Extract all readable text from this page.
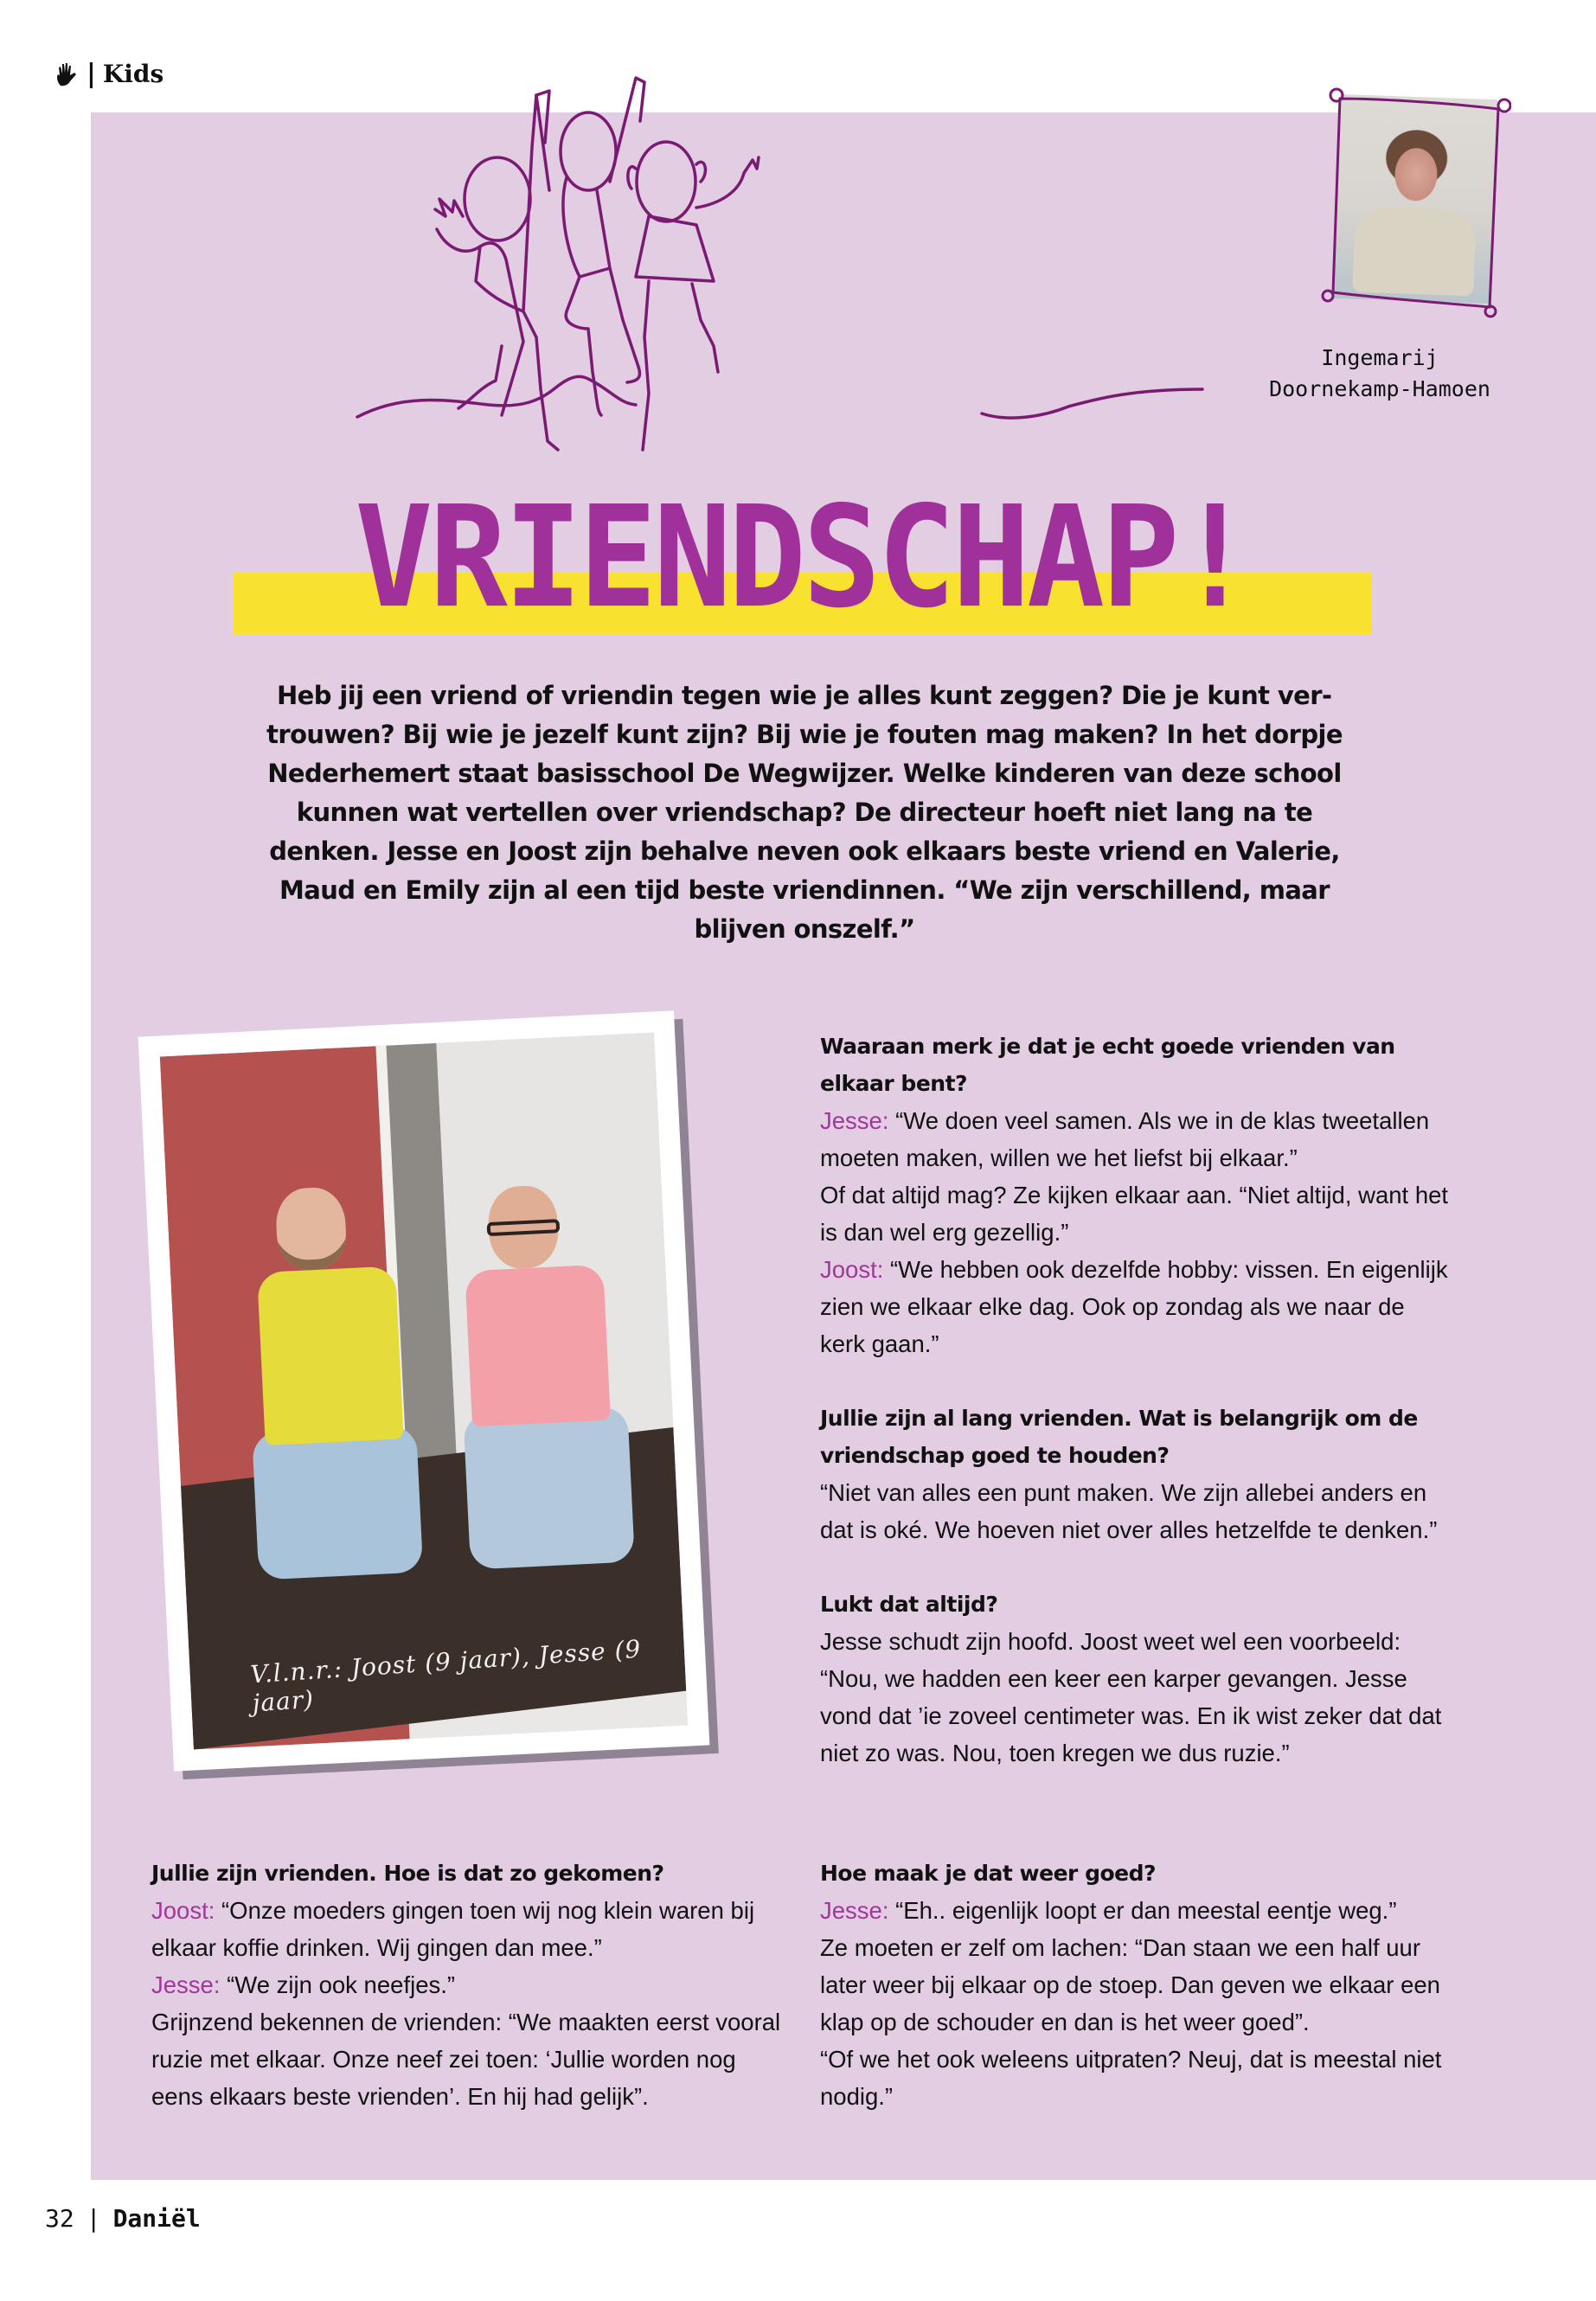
| Kids
Ingemarij
Doornekamp-Hamoen
VRIENDSCHAP!

Heb jij een vriend of vriendin tegen wie je alles kunt zeggen? Die je kunt vertrouwen? Bij wie je jezelf kunt zijn? Bij wie je fouten mag maken? In het dorpje Nederhemert staat basisschool De Wegwijzer. Welke kinderen van deze school kunnen wat vertellen over vriendschap? De directeur hoeft niet lang na te denken. Jesse en Joost zijn behalve neven ook elkaars beste vriend en Valerie, Maud en Emily zijn al een tijd beste vriendinnen. “We zijn verschillend, maar blijven onszelf.”

V.l.n.r.: Joost (9 jaar), Jesse (9 jaar)
Waaraan merk je dat je echt goede vrienden van elkaar bent?
Jesse: “We doen veel samen. Als we in de klas tweetallen moeten maken, willen we het liefst bij elkaar.”
Of dat altijd mag? Ze kijken elkaar aan. “Niet altijd, want het is dan wel erg gezellig.”
Joost: “We hebben ook dezelfde hobby: vissen. En eigenlijk zien we elkaar elke dag. Ook op zondag als we naar de kerk gaan.”
Jullie zijn al lang vrienden. Wat is belangrijk om de vriendschap goed te houden?
“Niet van alles een punt maken. We zijn allebei anders en dat is oké. We hoeven niet over alles hetzelfde te denken.”
Lukt dat altijd?
Jesse schudt zijn hoofd. Joost weet wel een voorbeeld: “Nou, we hadden een keer een karper gevangen. Jesse vond dat ’ie zoveel centimeter was. En ik wist zeker dat dat niet zo was. Nou, toen kregen we dus ruzie.”
Jullie zijn vrienden. Hoe is dat zo gekomen?
Joost: “Onze moeders gingen toen wij nog klein waren bij elkaar koffie drinken. Wij gingen dan mee.”
Jesse: “We zijn ook neefjes.”
Grijnzend bekennen de vrienden: “We maakten eerst vooral ruzie met elkaar. Onze neef zei toen: ‘Jullie worden nog eens elkaars beste vrienden’. En hij had gelijk”.
Hoe maak je dat weer goed?
Jesse: “Eh.. eigenlijk loopt er dan meestal eentje weg.”
Ze moeten er zelf om lachen: “Dan staan we een half uur later weer bij elkaar op de stoep. Dan geven we elkaar een klap op de schouder en dan is het weer goed”.
“Of we het ook weleens uitpraten? Neuj, dat is meestal niet nodig.”
32 | Daniël
